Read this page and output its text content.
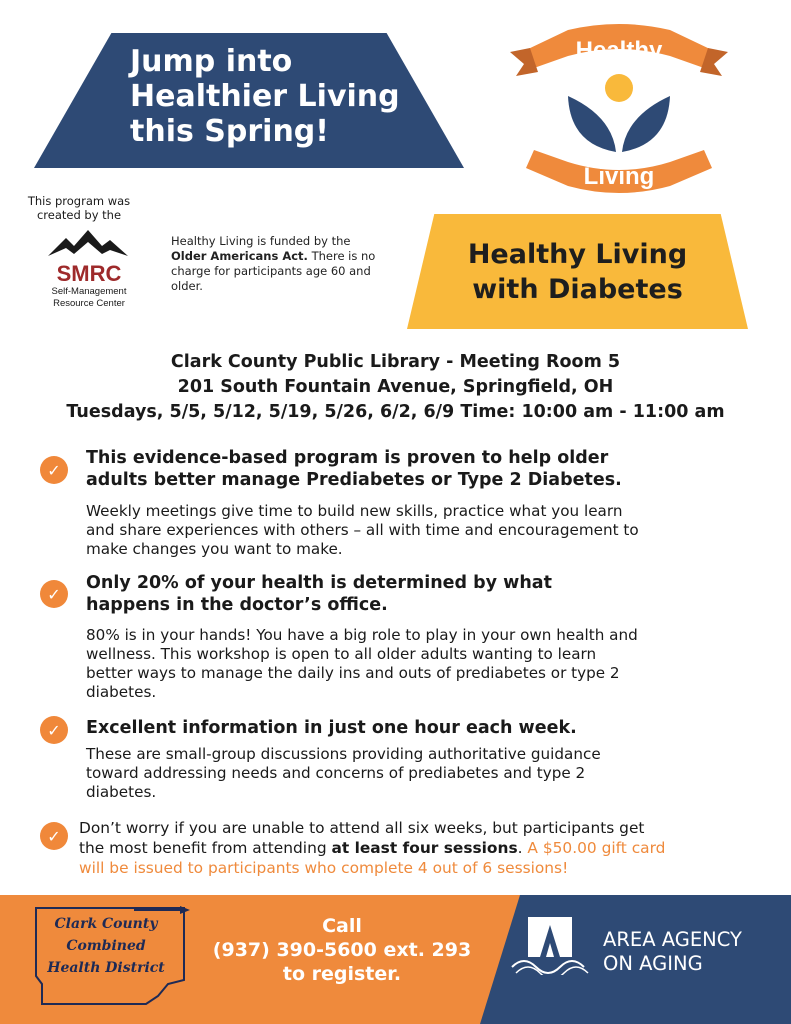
Jump into
Healthier Living
this Spring!
Healthy
Living
This program was
created by the
SMRC
Self-Management
Resource Center
Healthy Living is funded by the Older Americans Act. There is no charge for participants age 60 and older.
Healthy Living
with Diabetes
Clark County Public Library - Meeting Room 5
201 South Fountain Avenue, Springfield, OH
Tuesdays, 5/5, 5/12, 5/19, 5/26, 6/2, 6/9 Time: 10:00 am - 11:00 am
✓
This evidence-based program is proven to help older
adults better manage Prediabetes or Type 2 Diabetes.
Weekly meetings give time to build new skills, practice what you learn
and share experiences with others – all with time and encouragement to
make changes you want to make.
✓
Only 20% of your health is determined by what
happens in the doctor’s office.
80% is in your hands! You have a big role to play in your own health and
wellness. This workshop is open to all older adults wanting to learn
better ways to manage the daily ins and outs of prediabetes or type 2
diabetes.
✓	Excellent information in just one hour each week.
These are small-group discussions providing authoritative guidance
toward addressing needs and concerns of prediabetes and type 2
diabetes.
✓	Don’t worry if you are unable to attend all six weeks, but participants get
the most benefit from attending at least four sessions. A $50.00 gift card
will be issued to participants who complete 4 out of 6 sessions!
Clark County
Combined
Health District
Call
(937) 390-5600 ext. 293
to register.
AREA AGENCY
ON AGING
